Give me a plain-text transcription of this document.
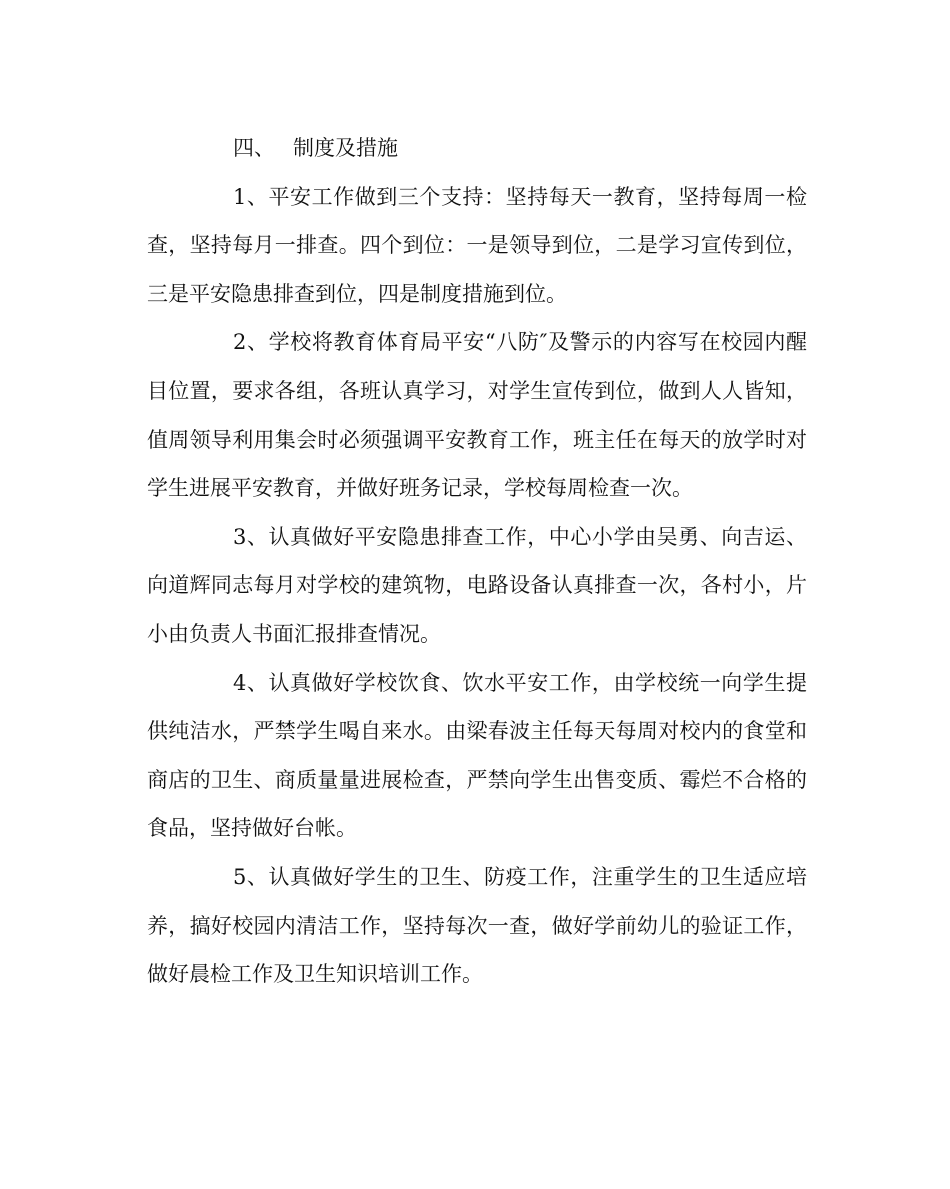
四、 制度及措施

1、平安工作做到三个支持：坚持每天一教育，坚持每周一检查，坚持每月一排查。四个到位：一是领导到位，二是学习宣传到位，三是平安隐患排查到位，四是制度措施到位。

2、学校将教育体育局平安“八防″及警示的内容写在校园内醒目位置，要求各组，各班认真学习，对学生宣传到位，做到人人皆知，值周领导利用集会时必须强调平安教育工作，班主任在每天的放学时对学生进展平安教育，并做好班务记录，学校每周检查一次。

3、认真做好平安隐患排查工作，中心小学由吴勇、向吉运、向道辉同志每月对学校的建筑物，电路设备认真排查一次，各村小，片小由负责人书面汇报排查情况。

4、认真做好学校饮食、饮水平安工作，由学校统一向学生提供纯洁水，严禁学生喝自来水。由梁春波主任每天每周对校内的食堂和商店的卫生、商质量量进展检查，严禁向学生出售变质、霉烂不合格的食品，坚持做好台帐。

5、认真做好学生的卫生、防疫工作，注重学生的卫生适应培养，搞好校园内清洁工作，坚持每次一查，做好学前幼儿的验证工作，做好晨检工作及卫生知识培训工作。
